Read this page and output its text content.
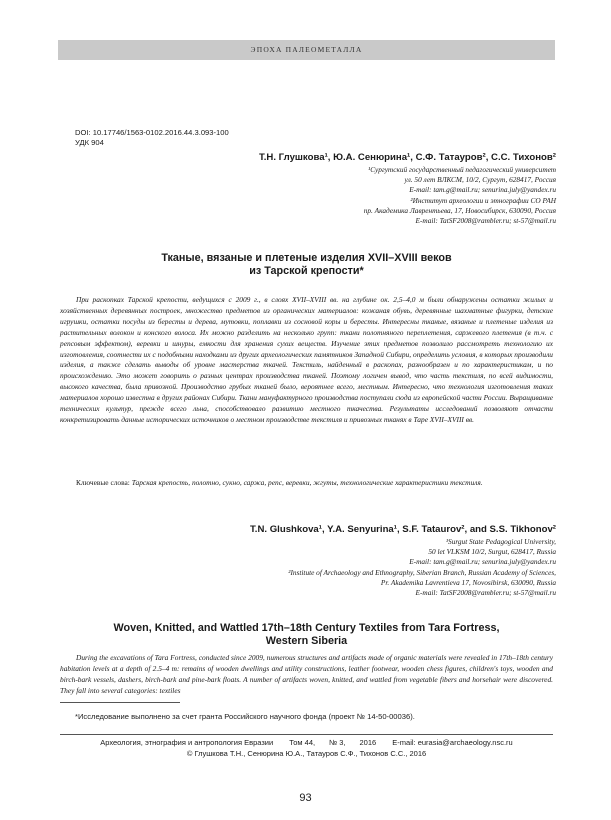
ЭПОХА ПАЛЕОМЕТАЛЛА
DOI: 10.17746/1563-0102.2016.44.3.093-100
УДК 904
Т.Н. Глушкова¹, Ю.А. Сенюрина¹, С.Ф. Татауров², С.С. Тихонов²
¹Сургутский государственный педагогический университет
ул. 50 лет ВЛКСМ, 10/2, Сургут, 628417, Россия
E-mail: tam.g@mail.ru; senurina.july@yandex.ru
²Институт археологии и этнографии СО РАН
пр. Академика Лаврентьева, 17, Новосибирск, 630090, Россия
E-mail: TatSF2008@rambler.ru; st-57@mail.ru
Тканые, вязаные и плетеные изделия XVII–XVIII веков
из Тарской крепости*

При раскопках Тарской крепости, ведущихся с 2009 г., в слоях XVII–XVIII вв. на глубине ок. 2,5–4,0 м были обнаружены остатки жилых и хозяйственных деревянных построек, множество предметов из органических материалов: кожаная обувь, деревянные шахматные фигурки, детские игрушки, остатки посуды из бересты и дерева, мутовки, поплавки из сосновой коры и бересты. Интересны тканые, вязаные и плетеные изделия из растительных волокон и конского волоса. Их можно разделить на несколько групп: ткани полотняного переплетения, саржевого плетения (в т.ч. с репсовым эффектом), веревки и шнуры, емкости для хранения сухих веществ. Изучение этих предметов позволило рассмотреть технологию их изготовления, соотнести их с подобными находками из других археологических памятников Западной Сибири, определить условия, в которых производили изделия, а также сделать выводы об уровне мастерства ткачей. Текстиль, найденный в раскопах, разнообразен и по характеристикам, и по происхождению. Это может говорить о разных центрах производства тканей. Поэтому логичен вывод, что часть текстиля, по всей видимости, высокого качества, была привозной. Производство грубых тканей было, вероятнее всего, местным. Интересно, что технология изготовления таких материалов хорошо известна в других районах Сибири. Ткани мануфактурного производства поступали сюда из европейской части России. Выращивание технических культур, прежде всего льна, способствовало развитию местного ткачества. Результаты исследований позволяют отчасти конкретизировать данные исторических источников о местном производстве текстиля и привозных тканях в Таре XVII–XVIII вв.

Ключевые слова: Тарская крепость, полотно, сукно, саржа, репс, веревки, жгуты, технологические характеристики текстиля.

T.N. Glushkova¹, Y.A. Senyurina¹, S.F. Tataurov², and S.S. Tikhonov²
¹Surgut State Pedagogical University,
50 let VLKSM 10/2, Surgut, 628417, Russia
E-mail: tam.g@mail.ru; senurina.july@yandex.ru
²Institute of Archaeology and Ethnography, Siberian Branch, Russian Academy of Sciences,
Pr. Akademika Lavrentieva 17, Novosibirsk, 630090, Russia
E-mail: TatSF2008@rambler.ru; st-57@mail.ru
Woven, Knitted, and Wattled 17th–18th Century Textiles from Tara Fortress,
Western Siberia

During the excavations of Tara Fortress, conducted since 2009, numerous structures and artifacts made of organic materials were revealed in 17th–18th century habitation levels at a depth of 2.5–4 m: remains of wooden dwellings and utility constructions, leather footwear, wooden chess figures, children's toys, wooden and birch-bark vessels, dashers, birch-bark and pine-bark floats. A number of artifacts woven, knitted, and wattled from vegetable fibers and horsehair were discovered. They fall into several categories: textiles

*Исследование выполнено за счет гранта Российского научного фонда (проект № 14-50-00036).
Археология, этнография и антропология Евразии Том 44, № 3, 2016 E-mail: eurasia@archaeology.nsc.ru
© Глушкова Т.Н., Сенюрина Ю.А., Татауров С.Ф., Тихонов С.С., 2016
93
